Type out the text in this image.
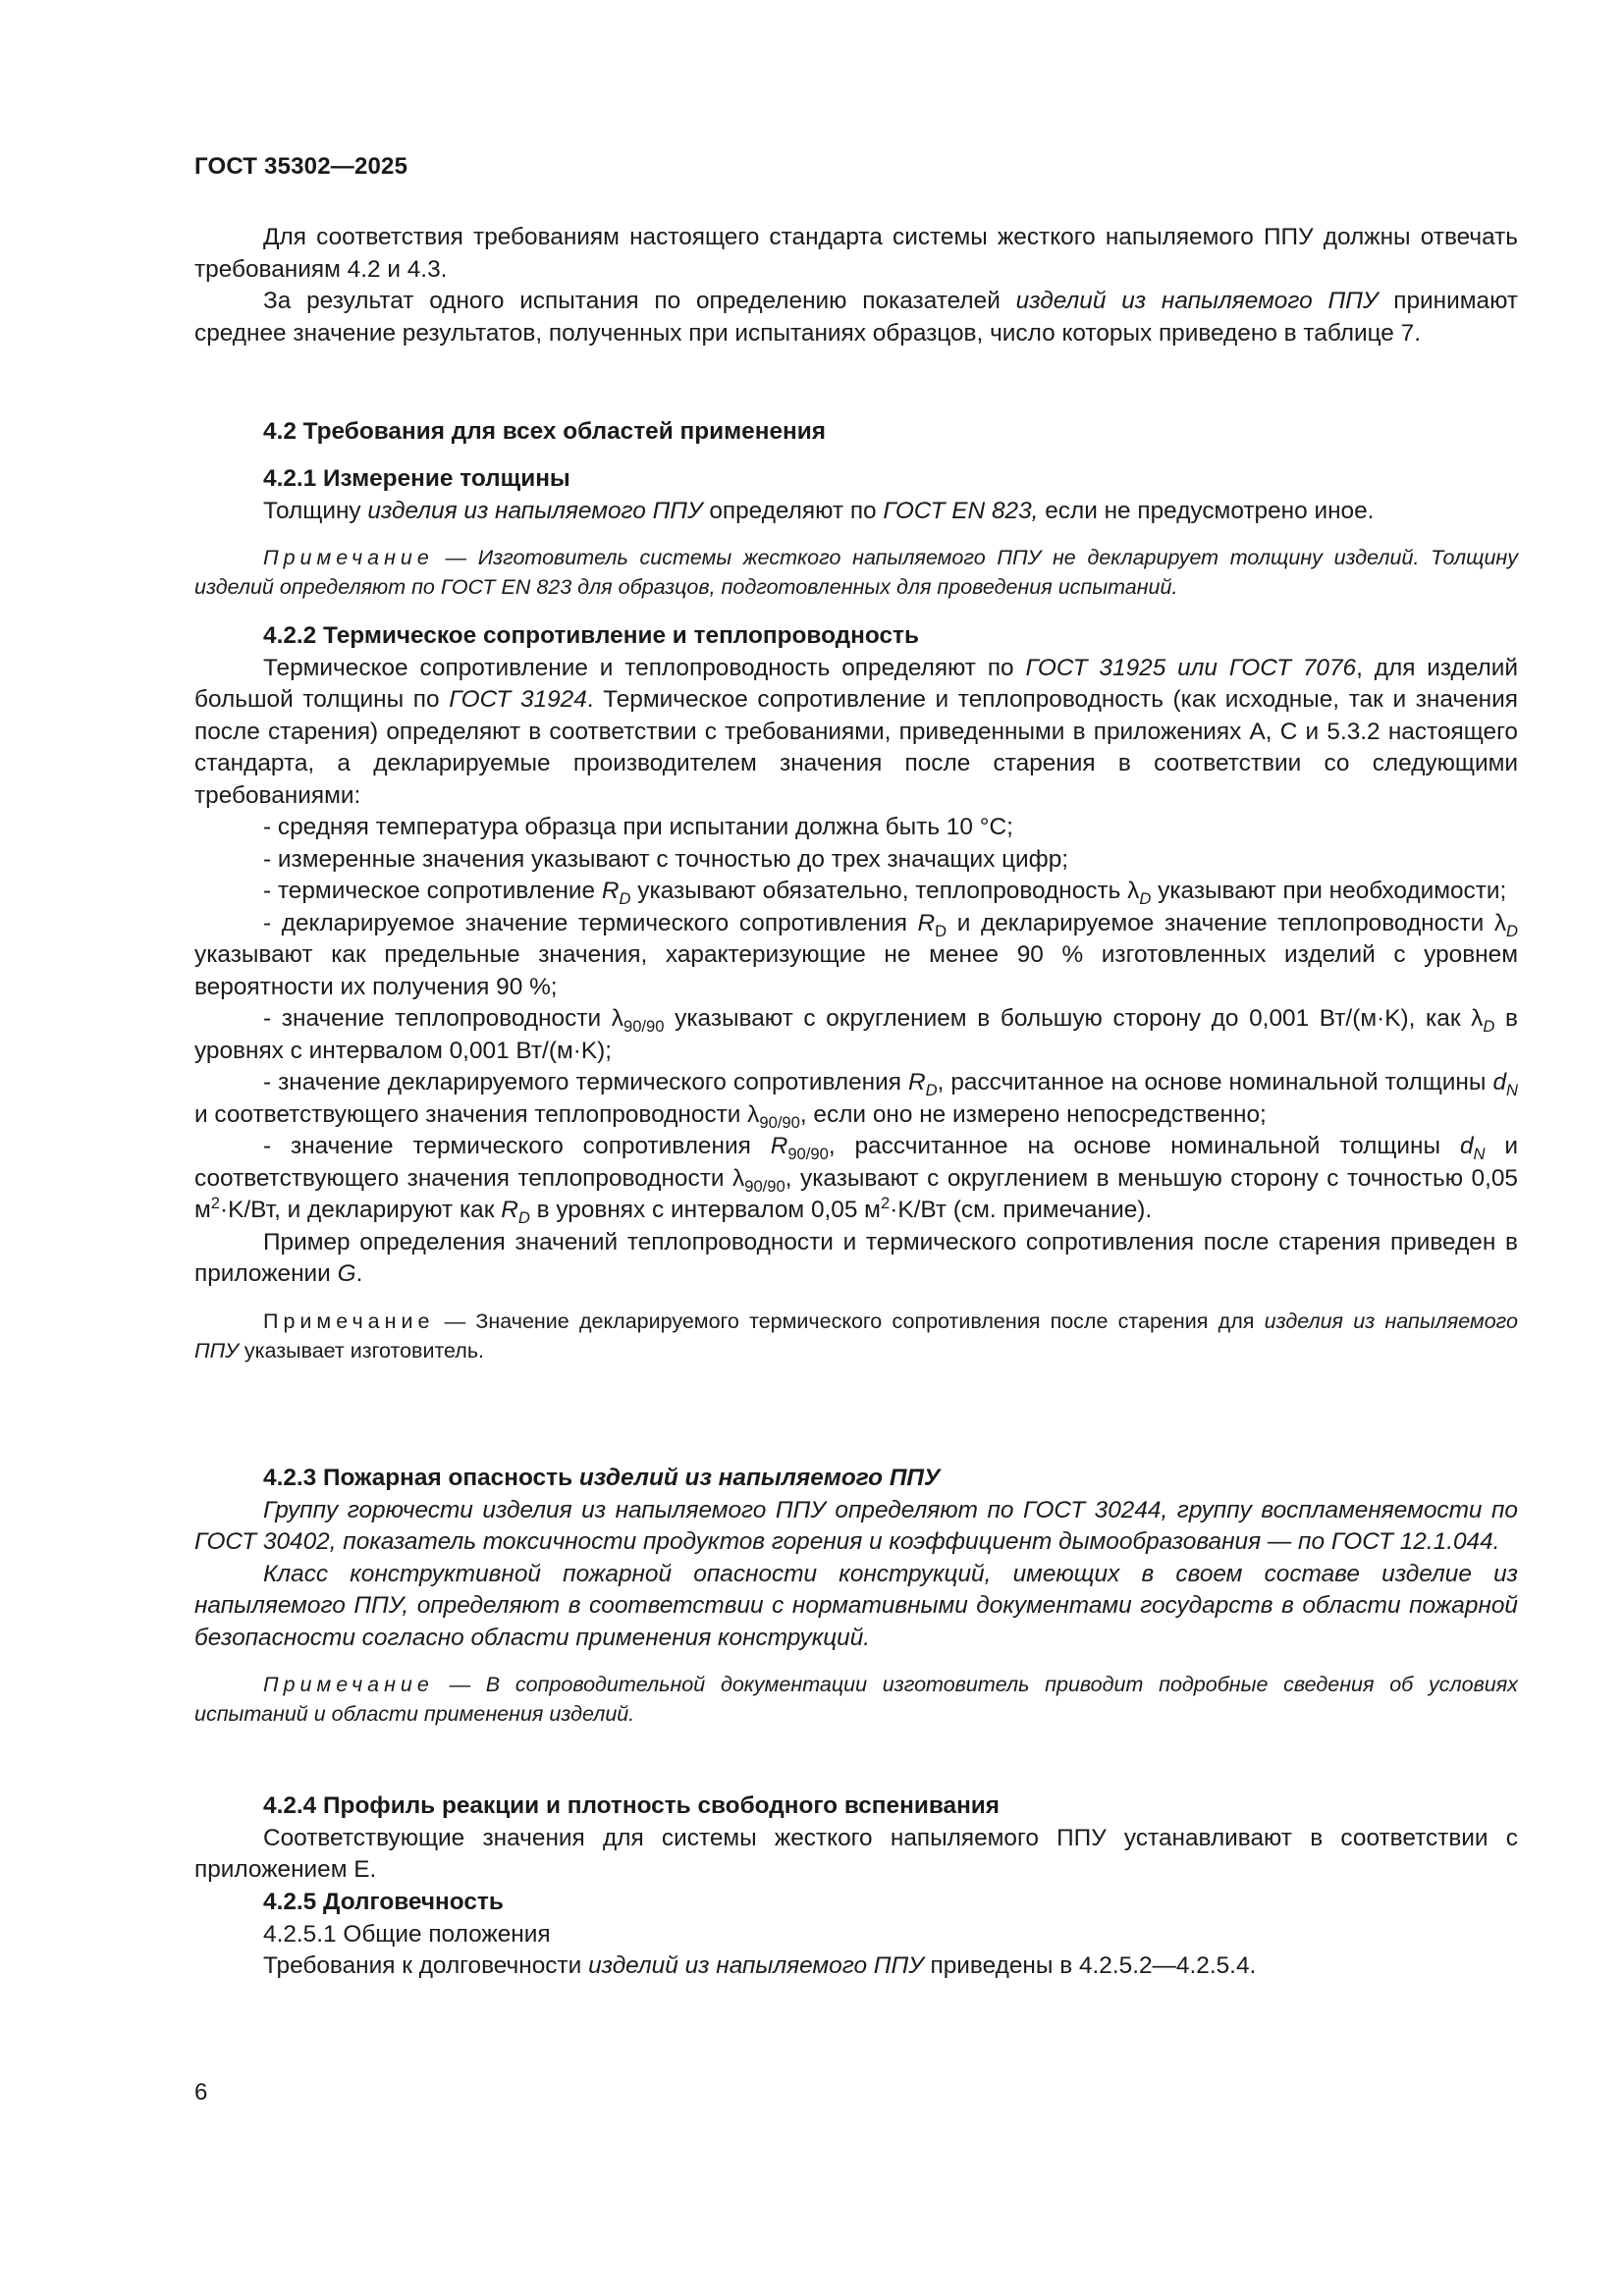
ГОСТ 35302—2025

Для соответствия требованиям настоящего стандарта системы жесткого напыляемого ППУ должны отвечать требованиям 4.2 и 4.3.

За результат одного испытания по определению показателей изделий из напыляемого ППУ принимают среднее значение результатов, полученных при испытаниях образцов, число которых приведено в таблице 7.

4.2 Требования для всех областей применения

4.2.1 Измерение толщины

Толщину изделия из напыляемого ППУ определяют по ГОСТ EN 823, если не предусмотрено иное.

Примечание — Изготовитель системы жесткого напыляемого ППУ не декларирует толщину изделий. Толщину изделий определяют по ГОСТ EN 823 для образцов, подготовленных для проведения испытаний.

4.2.2 Термическое сопротивление и теплопроводность

Термическое сопротивление и теплопроводность определяют по ГОСТ 31925 или ГОСТ 7076, для изделий большой толщины по ГОСТ 31924. Термическое сопротивление и теплопроводность (как исходные, так и значения после старения) определяют в соответствии с требованиями, приведенными в приложениях А, С и 5.3.2 настоящего стандарта, а декларируемые производителем значения после старения в соответствии со следующими требованиями:

- средняя температура образца при испытании должна быть 10 °С;

- измеренные значения указывают с точностью до трех значащих цифр;

- термическое сопротивление $R_D$ указывают обязательно, теплопроводность $\lambda_D$ указывают при необходимости;

- декларируемое значение термического сопротивления $R_D$ и декларируемое значение теплопроводности $\lambda_D$ указывают как предельные значения, характеризующие не менее 90 % изготовленных изделий с уровнем вероятности их получения 90 %;

- значение теплопроводности $\lambda_{90/90}$ указывают с округлением в большую сторону до 0,001 Вт/(м·K), как $\lambda_D$ в уровнях с интервалом 0,001 Вт/(м·K);

- значение декларируемого термического сопротивления $R_D$, рассчитанное на основе номинальной толщины $d_N$ и соответствующего значения теплопроводности $\lambda_{90/90}$, если оно не измерено непосредственно;

- значение термического сопротивления $R_{90/90}$, рассчитанное на основе номинальной толщины $d_N$ и соответствующего значения теплопроводности $\lambda_{90/90}$, указывают с округлением в меньшую сторону с точностью 0,05 $м^2\cdot K/Вт$, и декларируют как $R_D$ в уровнях с интервалом 0,05 $м^2\cdot K/Вт$ (см. примечание).

Пример определения значений теплопроводности и термического сопротивления после старения приведен в приложении G.

Примечание — Значение декларируемого термического сопротивления после старения для изделия из напыляемого ППУ указывает изготовитель.

4.2.3 Пожарная опасность изделий из напыляемого ППУ

Группу горючести изделия из напыляемого ППУ определяют по ГОСТ 30244, группу воспламеняемости по ГОСТ 30402, показатель токсичности продуктов горения и коэффициент дымообразования — по ГОСТ 12.1.044.

Класс конструктивной пожарной опасности конструкций, имеющих в своем составе изделие из напыляемого ППУ, определяют в соответствии с нормативными документами государств в области пожарной безопасности согласно области применения конструкций.

Примечание — В сопроводительной документации изготовитель приводит подробные сведения об условиях испытаний и области применения изделий.

4.2.4 Профиль реакции и плотность свободного вспенивания

Соответствующие значения для системы жесткого напыляемого ППУ устанавливают в соответствии с приложением Е.

4.2.5 Долговечность

4.2.5.1 Общие положения

Требования к долговечности изделий из напыляемого ППУ приведены в 4.2.5.2—4.2.5.4.

6
